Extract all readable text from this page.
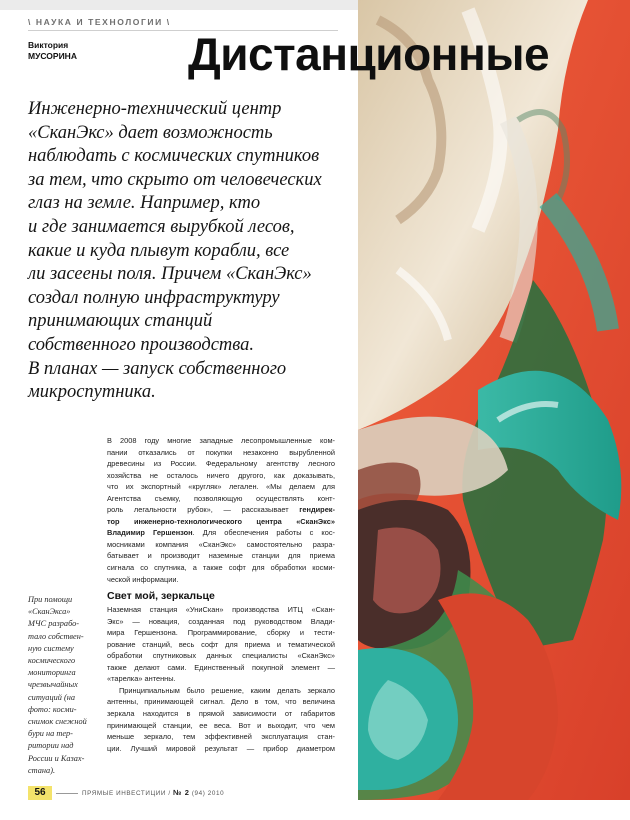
\ НАУКА И ТЕХНОЛОГИИ \
Виктория
МУСОРИНА	Дистанционные
Инженерно-технический центр
«СканЭкс» дает возможность
наблюдать с космических спутников
за тем, что скрыто от человеческих
глаз на земле. Например, кто
и где занимается вырубкой лесов,
какие и куда плывут корабли, все
ли засеены поля. Причем «СканЭкс»
создал полную инфраструктуру
принимающих станций
собственного производства.
В планах — запуск собственного
микроспутника.
При помощи
«СканЭкса»
МЧС разрабо-
тало собствен-
ную систему
космического
мониторинга
чрезвычайных
ситуаций (на
фото: косми-
снимок снежной
бури на тер-
ритории над
России и Казах-
стана).
В 2008 году многие западные лесопромышленные ком-
пании отказались от покупки незаконно вырубленной
древесины из России. Федеральному агентству лесного
хозяйства не осталось ничего другого, как доказывать,
что их экспортный «кругляк» легален. «Мы делаем для
Агентства съемку, позволяющую осуществлять конт-
роль легальности рубок», — рассказывает гендирек-
тор инженерно-технологического центра «СканЭкс»
Владимир Гершензон. Для обеспечения работы с кос-
мосниками компания «СканЭкс» самостоятельно разра-
батывает и производит наземные станции для приема
сигнала со спутника, а также софт для обработки косми-
ческой информации.
Свет мой, зеркальце
Наземная станция «УниСкан» производства ИТЦ «Скан-
Экс» — новация, созданная под руководством Влади-
мира Гершензона. Программирование, сборку и тести-
рование станций, весь софт для приема и тематической
обработки спутниковых данных специалисты «СканЭкс»
также делают сами. Единственный покупной элемент —
«тарелка» антенны.
Принципиальным было решение, каким делать зеркало
антенны, принимающей сигнал. Дело в том, что величина
зеркала находится в прямой зависимости от габаритов
принимающей станции, ее веса. Вот и выходит, что чем
меньше зеркало, тем эффективней эксплуатация стан-
ции. Лучший мировой результат — прибор диаметром
56	ПРЯМЫЕ ИНВЕСТИЦИИ / № 2 (94) 2010
